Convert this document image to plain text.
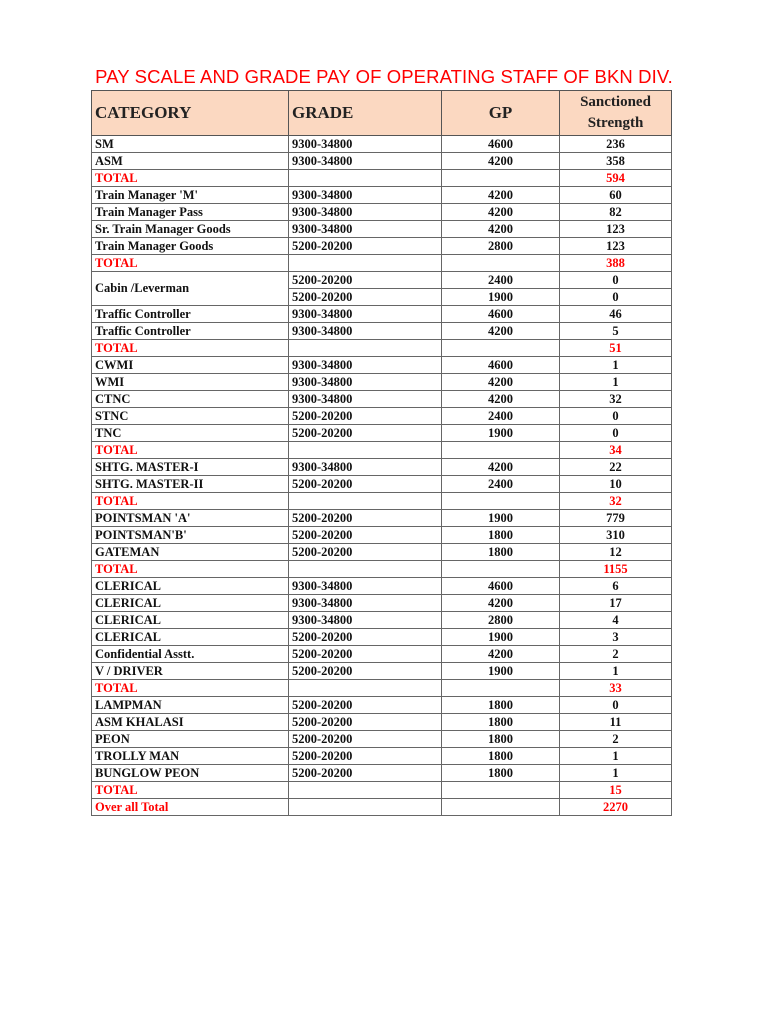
PAY SCALE AND GRADE PAY OF OPERATING STAFF OF BKN DIV.
CATEGORY	GRADE	GP	Sanctioned
Strength
SM	9300-34800	4600	236
ASM	9300-34800	4200	358
TOTAL			594
Train Manager 'M'	9300-34800	4200	60
Train Manager Pass	9300-34800	4200	82
Sr. Train Manager Goods	9300-34800	4200	123
Train Manager Goods	5200-20200	2800	123
TOTAL			388
Cabin /Leverman	5200-20200	2400	0
	5200-20200	1900	0
Traffic Controller	9300-34800	4600	46
Traffic Controller	9300-34800	4200	5
TOTAL			51
CWMI	9300-34800	4600	1
WMI	9300-34800	4200	1
CTNC	9300-34800	4200	32
STNC	5200-20200	2400	0
TNC	5200-20200	1900	0
TOTAL			34
SHTG. MASTER-I	9300-34800	4200	22
SHTG. MASTER-II	5200-20200	2400	10
TOTAL			32
POINTSMAN 'A'	5200-20200	1900	779
POINTSMAN'B'	5200-20200	1800	310
GATEMAN	5200-20200	1800	12
TOTAL			1155
CLERICAL	9300-34800	4600	6
CLERICAL	9300-34800	4200	17
CLERICAL	9300-34800	2800	4
CLERICAL	5200-20200	1900	3
Confidential Asstt.	5200-20200	4200	2
V / DRIVER	5200-20200	1900	1
TOTAL			33
LAMPMAN	5200-20200	1800	0
ASM KHALASI	5200-20200	1800	11
PEON	5200-20200	1800	2
TROLLY MAN	5200-20200	1800	1
BUNGLOW PEON	5200-20200	1800	1
TOTAL			15
Over all Total			2270
